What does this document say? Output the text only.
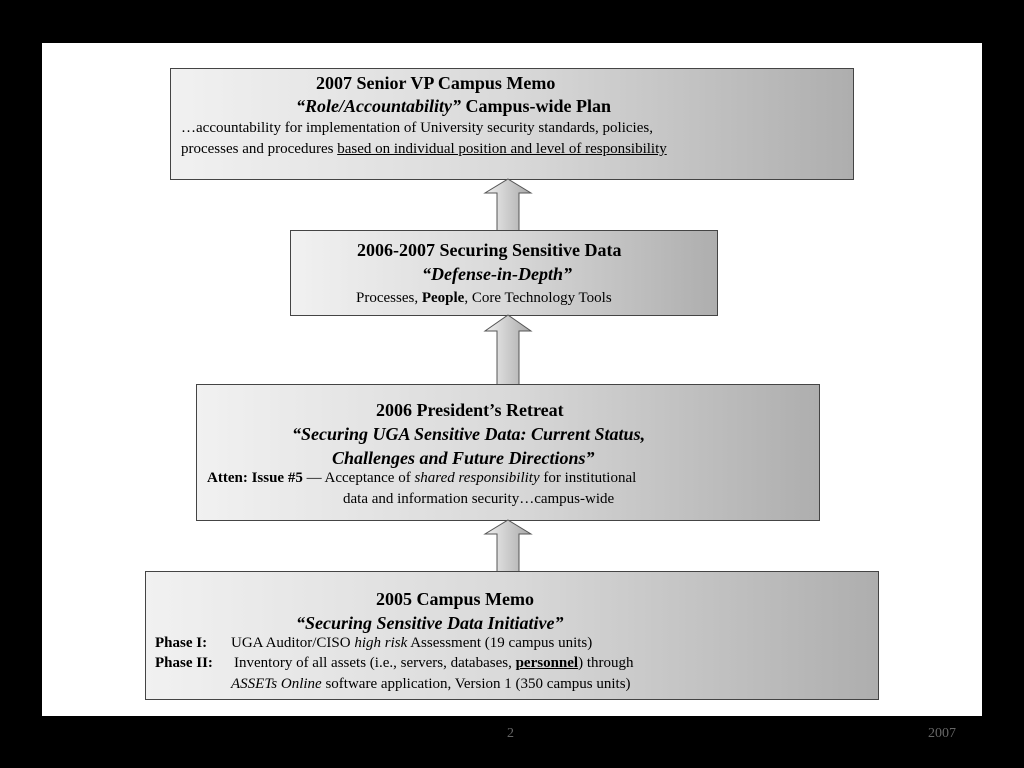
2007 Senior VP Campus Memo
“Role/Accountability” Campus-wide Plan
…accountability for implementation of University security standards, policies,
processes and procedures based on individual position and level of responsibility
2006-2007 Securing Sensitive Data
“Defense-in-Depth”
Processes, People, Core Technology Tools
2006 President’s Retreat
“Securing UGA Sensitive Data: Current Status,
Challenges and Future Directions”
Atten: Issue #5 — Acceptance of shared responsibility for institutional
data and information security…campus-wide
2005 Campus Memo
“Securing Sensitive Data Initiative”
Phase I: UGA Auditor/CISO high risk Assessment (19 campus units)
Phase II: Inventory of all assets (i.e., servers, databases, personnel) through
ASSETs Online software application, Version 1 (350 campus units)
2	2007
